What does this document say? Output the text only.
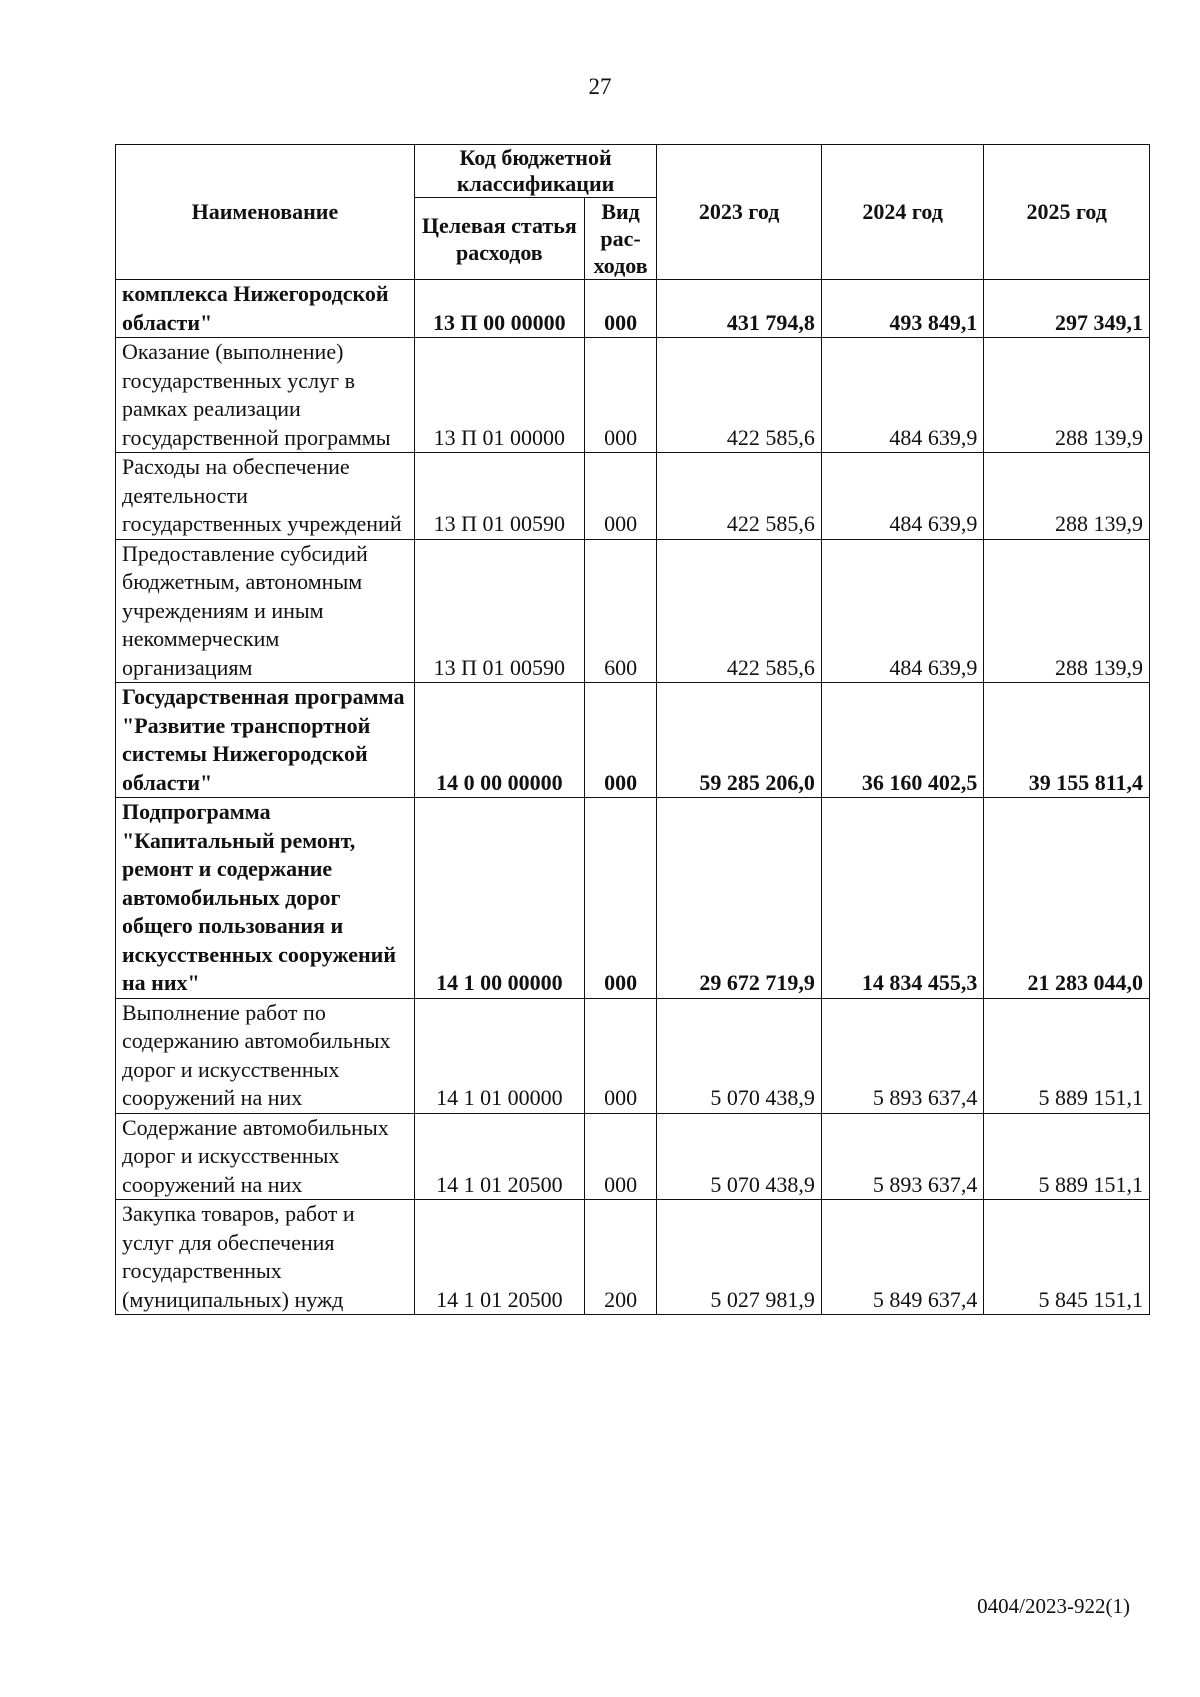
27
Наименование	Код бюджетной классификации		2023 год	2024 год	2025 год
	Целевая статья расходов	Вид рас-ходов			
комплекса Нижегородской области"	13 П 00 00000	000	431 794,8	493 849,1	297 349,1
Оказание (выполнение) государственных услуг в рамках реализации государственной программы	13 П 01 00000	000	422 585,6	484 639,9	288 139,9
Расходы на обеспечение деятельности государственных учреждений	13 П 01 00590	000	422 585,6	484 639,9	288 139,9
Предоставление субсидий бюджетным, автономным учреждениям и иным некоммерческим организациям	13 П 01 00590	600	422 585,6	484 639,9	288 139,9
Государственная программа "Развитие транспортной системы Нижегородской области"	14 0 00 00000	000	59 285 206,0	36 160 402,5	39 155 811,4
Подпрограмма "Капитальный ремонт, ремонт и содержание автомобильных дорог общего пользования и искусственных сооружений на них"	14 1 00 00000	000	29 672 719,9	14 834 455,3	21 283 044,0
Выполнение работ по содержанию автомобильных дорог и искусственных сооружений на них	14 1 01 00000	000	5 070 438,9	5 893 637,4	5 889 151,1
Содержание автомобильных дорог и искусственных сооружений на них	14 1 01 20500	000	5 070 438,9	5 893 637,4	5 889 151,1
Закупка товаров, работ и услуг для обеспечения государственных (муниципальных) нужд	14 1 01 20500	200	5 027 981,9	5 849 637,4	5 845 151,1
0404/2023-922(1)
